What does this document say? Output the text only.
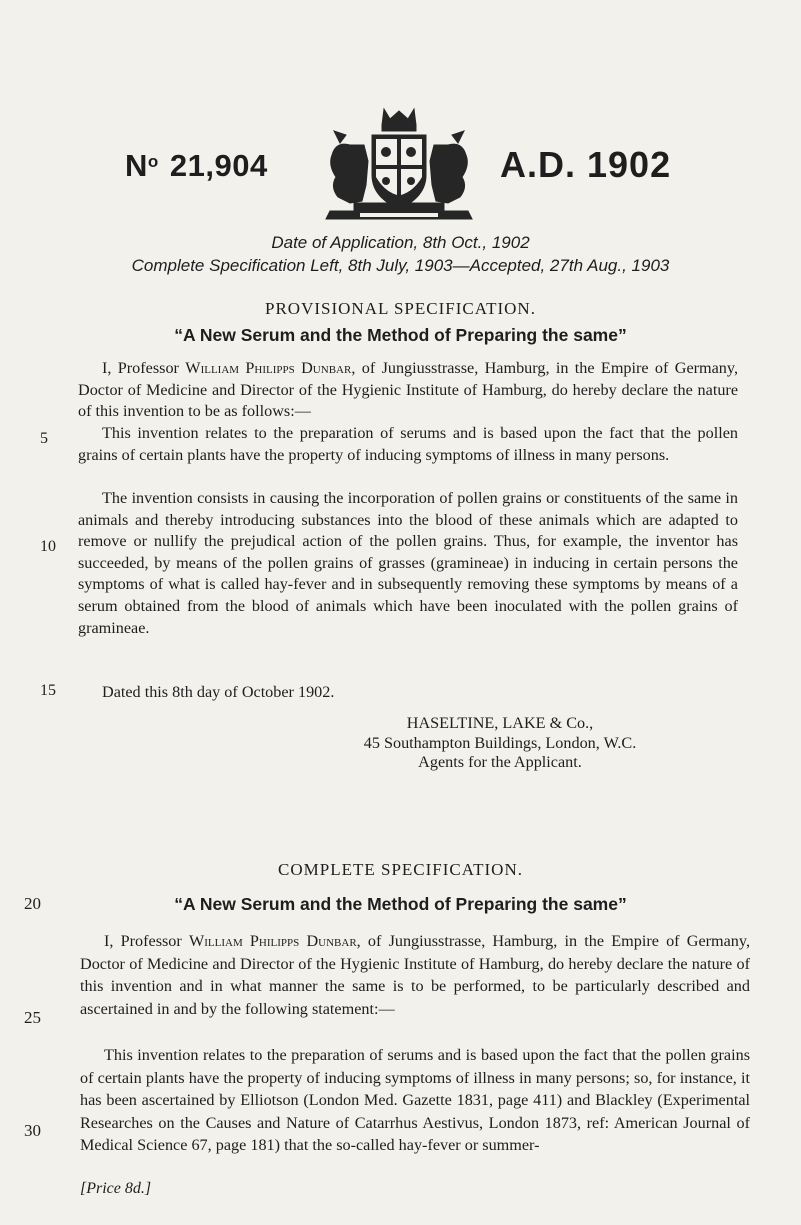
$N^o$ 21,904	A.D. 1902
Date of Application, 8th Oct., 1902
Complete Specification Left, 8th July, 1903—Accepted, 27th Aug., 1903
PROVISIONAL SPECIFICATION.
“A New Serum and the Method of Preparing the same”
I, Professor William Philipps Dunbar, of Jungiusstrasse, Hamburg, in the Empire of Germany, Doctor of Medicine and Director of the Hygienic Institute of Hamburg, do hereby declare the nature of this invention to be as follows:—
This invention relates to the preparation of serums and is based upon the fact that the pollen grains of certain plants have the property of inducing symptoms of illness in many persons.
The invention consists in causing the incorporation of pollen grains or constituents of the same in animals and thereby introducing substances into the blood of these animals which are adapted to remove or nullify the prejudical action of the pollen grains. Thus, for example, the inventor has succeeded, by means of the pollen grains of grasses (gramineae) in inducing in certain persons the symptoms of what is called hay-fever and in subsequently removing these symptoms by means of a serum obtained from the blood of animals which have been inoculated with the pollen grains of gramineae.
Dated this 8th day of October 1902.
HASELTINE, LAKE & Co.,
45 Southampton Buildings, London, W.C.
Agents for the Applicant.
COMPLETE SPECIFICATION.
“A New Serum and the Method of Preparing the same”
I, Professor William Philipps Dunbar, of Jungiusstrasse, Hamburg, in the Empire of Germany, Doctor of Medicine and Director of the Hygienic Institute of Hamburg, do hereby declare the nature of this invention and in what manner the same is to be performed, to be particularly described and ascertained in and by the following statement:—
This invention relates to the preparation of serums and is based upon the fact that the pollen grains of certain plants have the property of inducing symptoms of illness in many persons; so, for instance, it has been ascertained by Elliotson (London Med. Gazette 1831, page 411) and Blackley (Experimental Researches on the Causes and Nature of Catarrhus Aestivus, London 1873, ref: American Journal of Medical Science 67, page 181) that the so-called hay-fever or summer-
5
10
15
20
25
30
[Price 8d.]
